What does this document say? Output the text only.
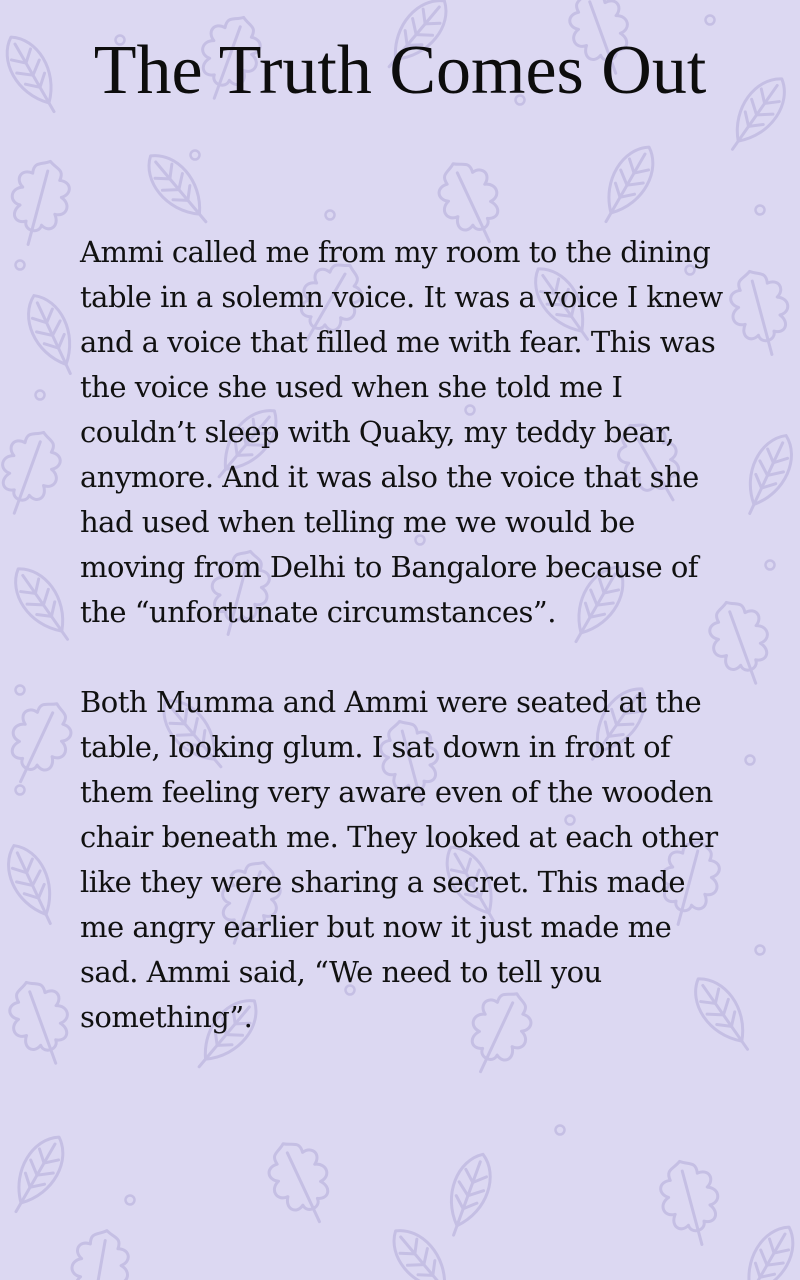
The Truth Comes Out

Ammi called me from my room to the dining table in a solemn voice. It was a voice I knew and a voice that filled me with fear. This was the voice she used when she told me I couldn’t sleep with Quaky, my teddy bear, anymore. And it was also the voice that she had used when telling me we would be moving from Delhi to Bangalore because of the “unfortunate circumstances”.

Both Mumma and Ammi were seated at the table, looking glum. I sat down in front of them feeling very aware even of the wooden chair beneath me. They looked at each other like they were sharing a secret. This made me angry earlier but now it just made me sad. Ammi said, “We need to tell you something”.
